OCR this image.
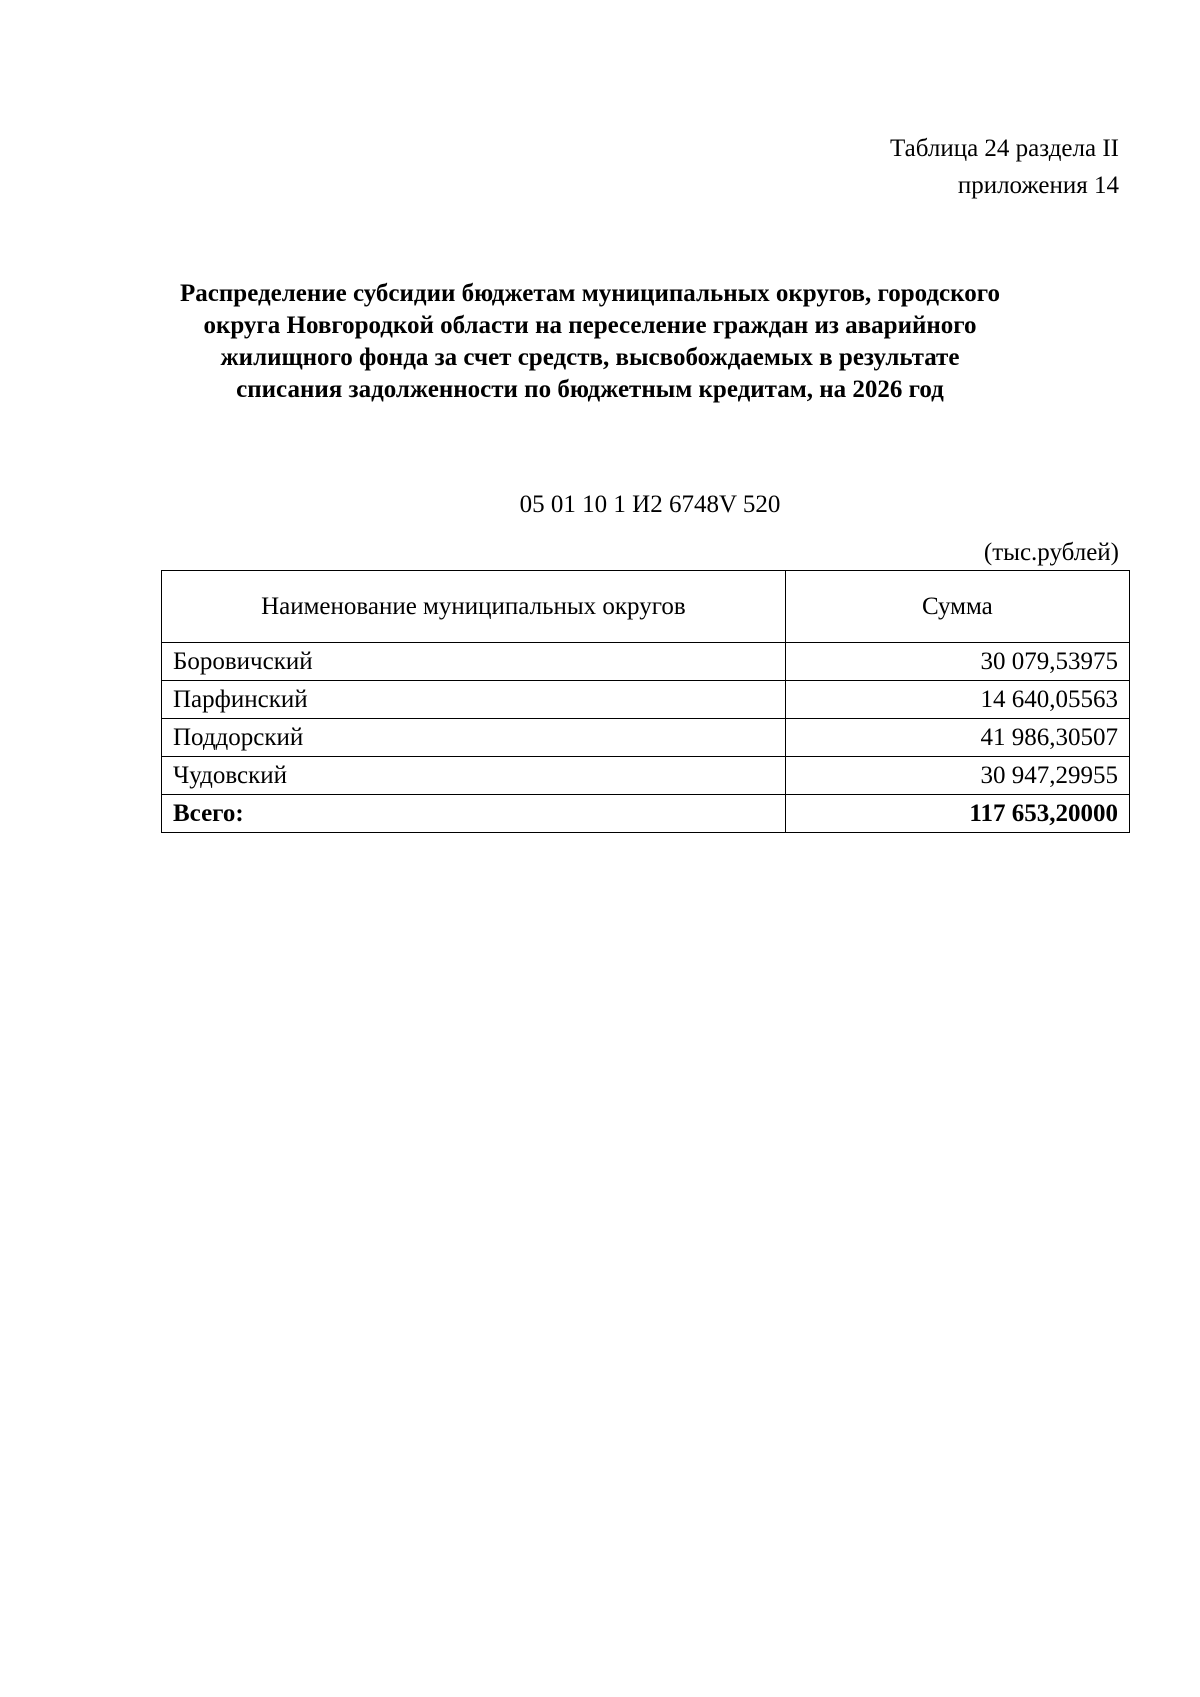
Таблица 24 раздела II
приложения 14
Распределение субсидии бюджетам муниципальных округов, городского
округа Новгородкой области на переселение граждан из аварийного
жилищного фонда за счет средств, высвобождаемых в результате
списания задолженности по бюджетным кредитам, на 2026 год
05 01 10 1 И2 6748V 520
(тыс.рублей)
Наименование муниципальных округов	Сумма
Боровичский	30 079,53975
Парфинский	14 640,05563
Поддорский	41 986,30507
Чудовский	30 947,29955
Всего:	117 653,20000
